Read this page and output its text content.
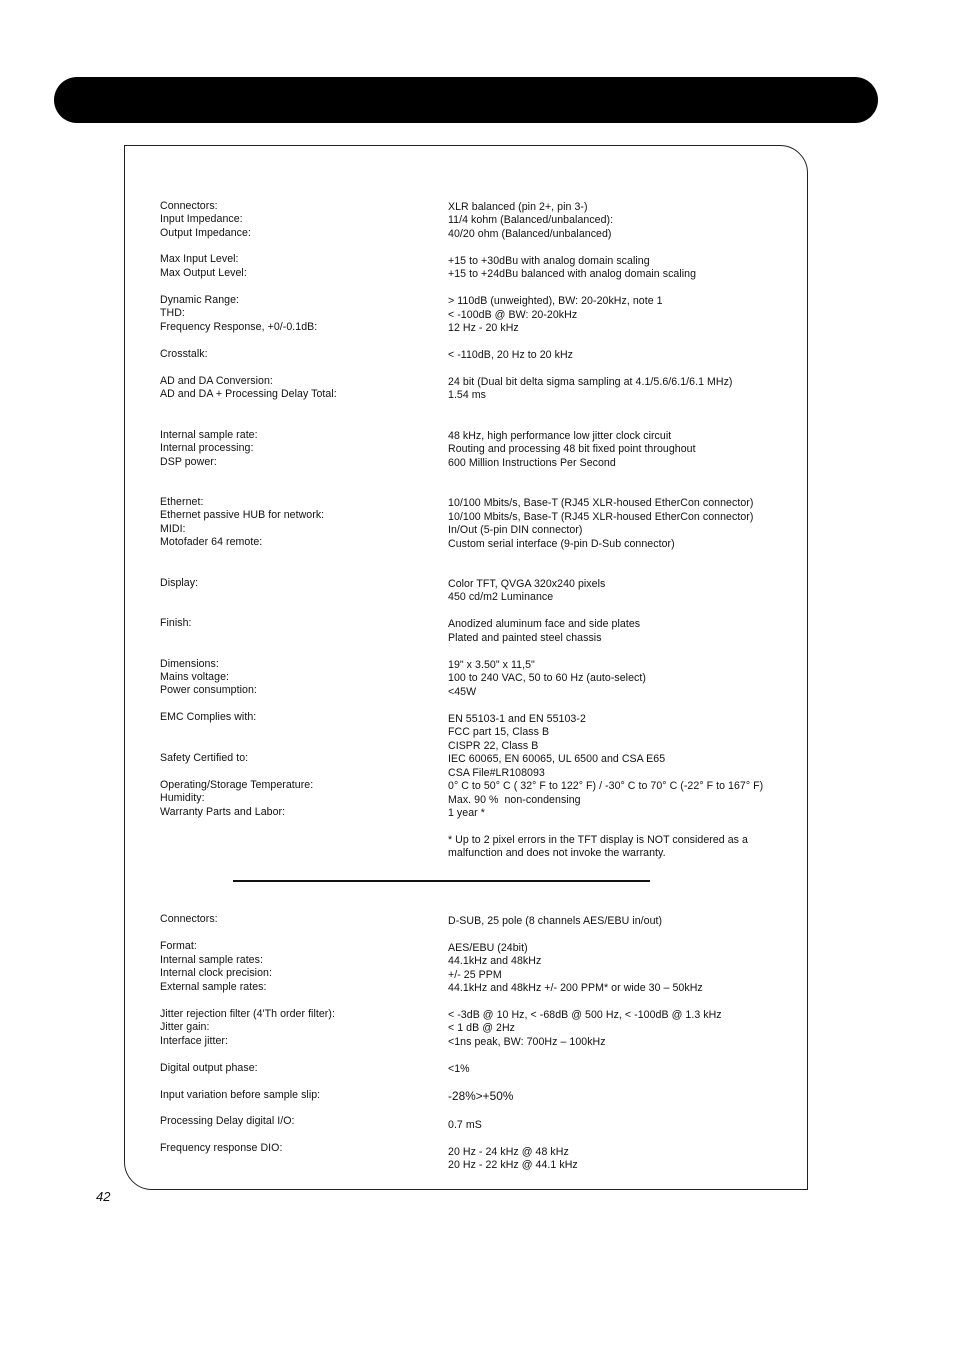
Connectors:	XLR balanced (pin 2+, pin 3-)
Input Impedance:	11/4 kohm (Balanced/unbalanced):
Output Impedance:	40/20 ohm (Balanced/unbalanced)
Max Input Level:	+15 to +30dBu with analog domain scaling
Max Output Level:	+15 to +24dBu balanced with analog domain scaling
Dynamic Range:	> 110dB (unweighted), BW: 20-20kHz, note 1
THD:	< -100dB @ BW: 20-20kHz
Frequency Response, +0/-0.1dB:	12 Hz - 20 kHz
Crosstalk:	< -110dB, 20 Hz to 20 kHz
AD and DA Conversion:	24 bit (Dual bit delta sigma sampling at 4.1/5.6/6.1/6.1 MHz)
AD and DA + Processing Delay Total:	1.54 ms
Internal sample rate:	48 kHz, high performance low jitter clock circuit
Internal processing:	Routing and processing 48 bit fixed point throughout
DSP power:	600 Million Instructions Per Second
Ethernet:	10/100 Mbits/s, Base-T (RJ45 XLR-housed EtherCon connector)
Ethernet passive HUB for network:	10/100 Mbits/s, Base-T (RJ45 XLR-housed EtherCon connector)
MIDI:	In/Out (5-pin DIN connector)
Motofader 64 remote:	Custom serial interface (9-pin D-Sub connector)
Display:	Color TFT, QVGA 320x240 pixels
450 cd/m2 Luminance
Finish:	Anodized aluminum face and side plates
Plated and painted steel chassis
Dimensions:	19" x 3.50" x 11,5"
Mains voltage:	100 to 240 VAC, 50 to 60 Hz (auto-select)
Power consumption:	<45W
EMC Complies with:	EN 55103-1 and EN 55103-2
FCC part 15, Class B
CISPR 22, Class B
Safety Certified to:	IEC 60065, EN 60065, UL 6500 and CSA E65
CSA File#LR108093
Operating/Storage Temperature:	0° C to 50° C ( 32° F to 122° F) / -30° C to 70° C (-22° F to 167° F)
Humidity:	Max. 90 %  non-condensing
Warranty Parts and Labor:	1 year *
* Up to 2 pixel errors in the TFT display is NOT considered as a
malfunction and does not invoke the warranty.
Connectors:	D-SUB, 25 pole (8 channels AES/EBU in/out)
Format:	AES/EBU (24bit)
Internal sample rates:	44.1kHz and 48kHz
Internal clock precision:	+/- 25 PPM
External sample rates:	44.1kHz and 48kHz +/- 200 PPM* or wide 30 – 50kHz
Jitter rejection filter (4'Th order filter):	< -3dB @ 10 Hz, < -68dB @ 500 Hz, < -100dB @ 1.3 kHz
Jitter gain:	< 1 dB @ 2Hz
Interface jitter:	<1ns peak, BW: 700Hz – 100kHz
Digital output phase:	<1%
Input variation before sample slip:	-28%>+50%
Processing Delay digital I/O:	0.7 mS
Frequency response DIO:	20 Hz - 24 kHz @ 48 kHz
20 Hz - 22 kHz @ 44.1 kHz
42
